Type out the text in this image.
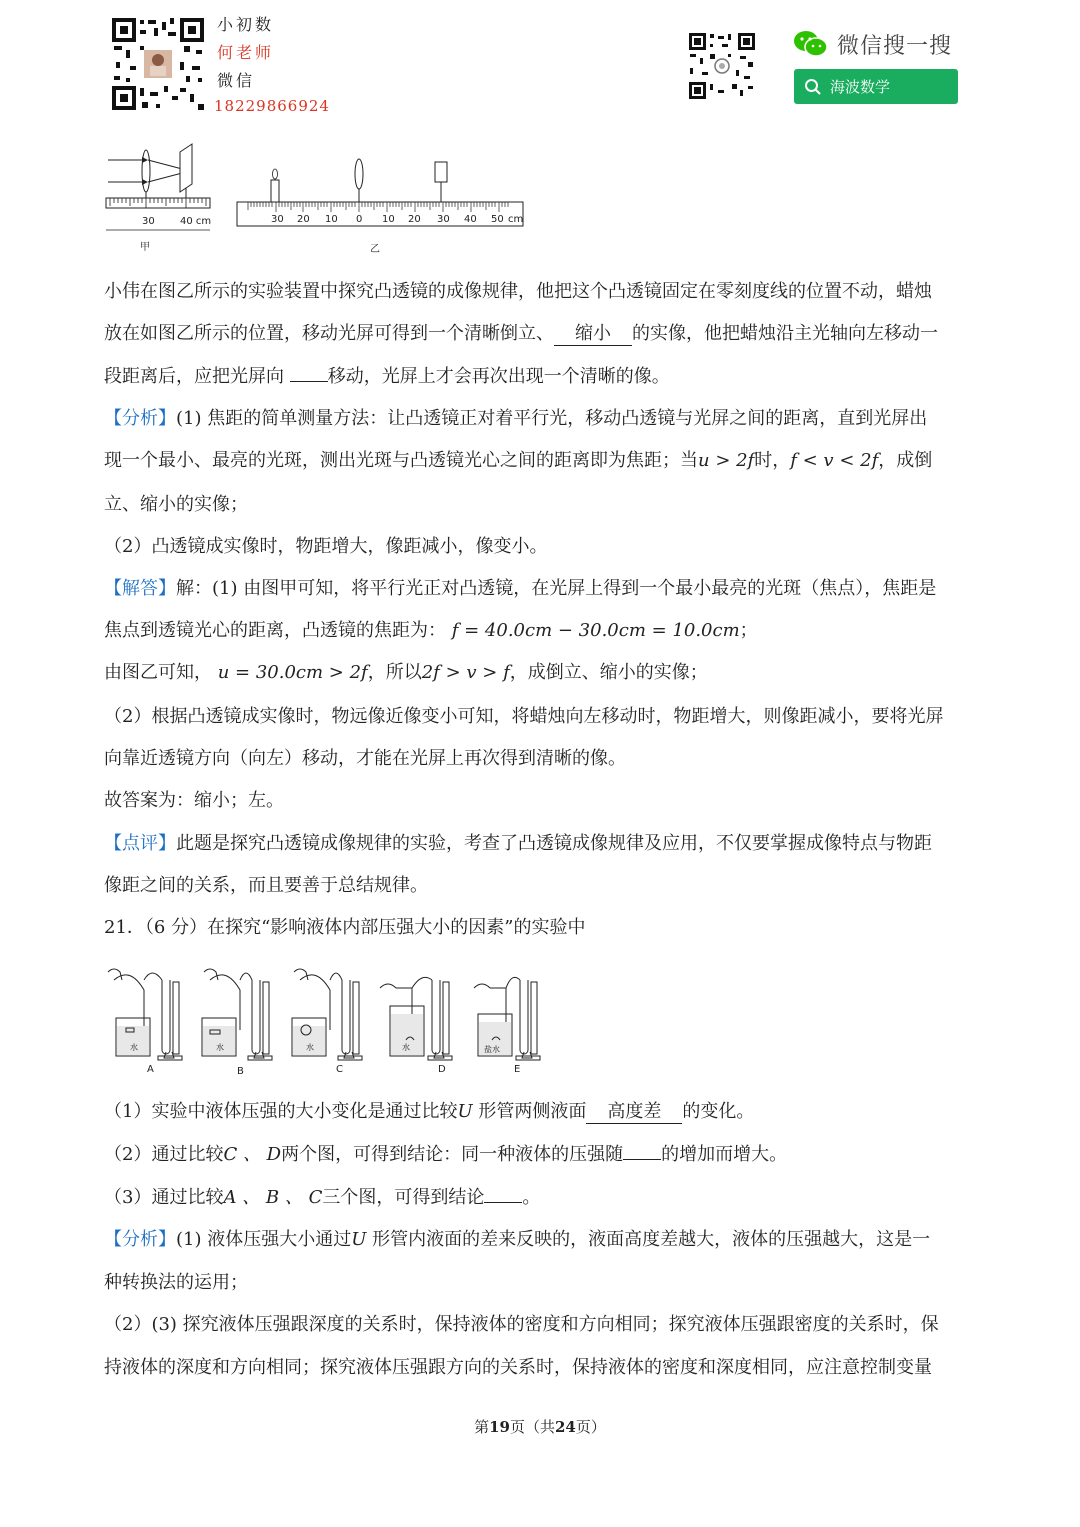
小初数
何老师
微信
18229866924
微信搜一搜
海波数学
30	40 cm
甲
30 20 10 0 10 20 30 40 50 cm
乙
小伟在图乙所示的实验装置中探究凸透镜的成像规律，他把这个凸透镜固定在零刻度线的位置不动，蜡烛
放在如图乙所示的位置，移动光屏可得到一个清晰倒立、 缩小 的实像，他把蜡烛沿主光轴向左移动一
段距离后，应把光屏向 移动，光屏上才会再次出现一个清晰的像。
【分析】(1) 焦距的简单测量方法：让凸透镜正对着平行光，移动凸透镜与光屏之间的距离，直到光屏出
现一个最小、最亮的光斑，测出光斑与凸透镜光心之间的距离即为焦距；当u > 2f时，f < v < 2f，成倒
立、缩小的实像；
（2）凸透镜成实像时，物距增大，像距减小，像变小。
【解答】解：(1) 由图甲可知，将平行光正对凸透镜，在光屏上得到一个最小最亮的光斑（焦点），焦距是
焦点到透镜光心的距离，凸透镜的焦距为： f = 40.0cm − 30.0cm = 10.0cm；
由图乙可知， u = 30.0cm > 2f，所以2f > v > f，成倒立、缩小的实像；
（2）根据凸透镜成实像时，物远像近像变小可知，将蜡烛向左移动时，物距增大，则像距减小，要将光屏
向靠近透镜方向（向左）移动，才能在光屏上再次得到清晰的像。
故答案为：缩小；左。
【点评】此题是探究凸透镜成像规律的实验，考查了凸透镜成像规律及应用，不仅要掌握成像特点与物距
像距之间的关系，而且要善于总结规律。
21．（6 分）在探究“影响液体内部压强大小的因素”的实验中
水	水	水	水	盐水
A	B	C	D	E
（1）实验中液体压强的大小变化是通过比较U 形管两侧液面 高度差 的变化。
（2）通过比较C 、 D两个图，可得到结论：同一种液体的压强随 的增加而增大。
（3）通过比较A 、 B 、 C三个图，可得到结论 。
【分析】(1) 液体压强大小通过U 形管内液面的差来反映的，液面高度差越大，液体的压强越大，这是一
种转换法的运用；
（2）(3) 探究液体压强跟深度的关系时，保持液体的密度和方向相同；探究液体压强跟密度的关系时，保
持液体的深度和方向相同；探究液体压强跟方向的关系时，保持液体的密度和深度相同，应注意控制变量
第19页（共24页）
